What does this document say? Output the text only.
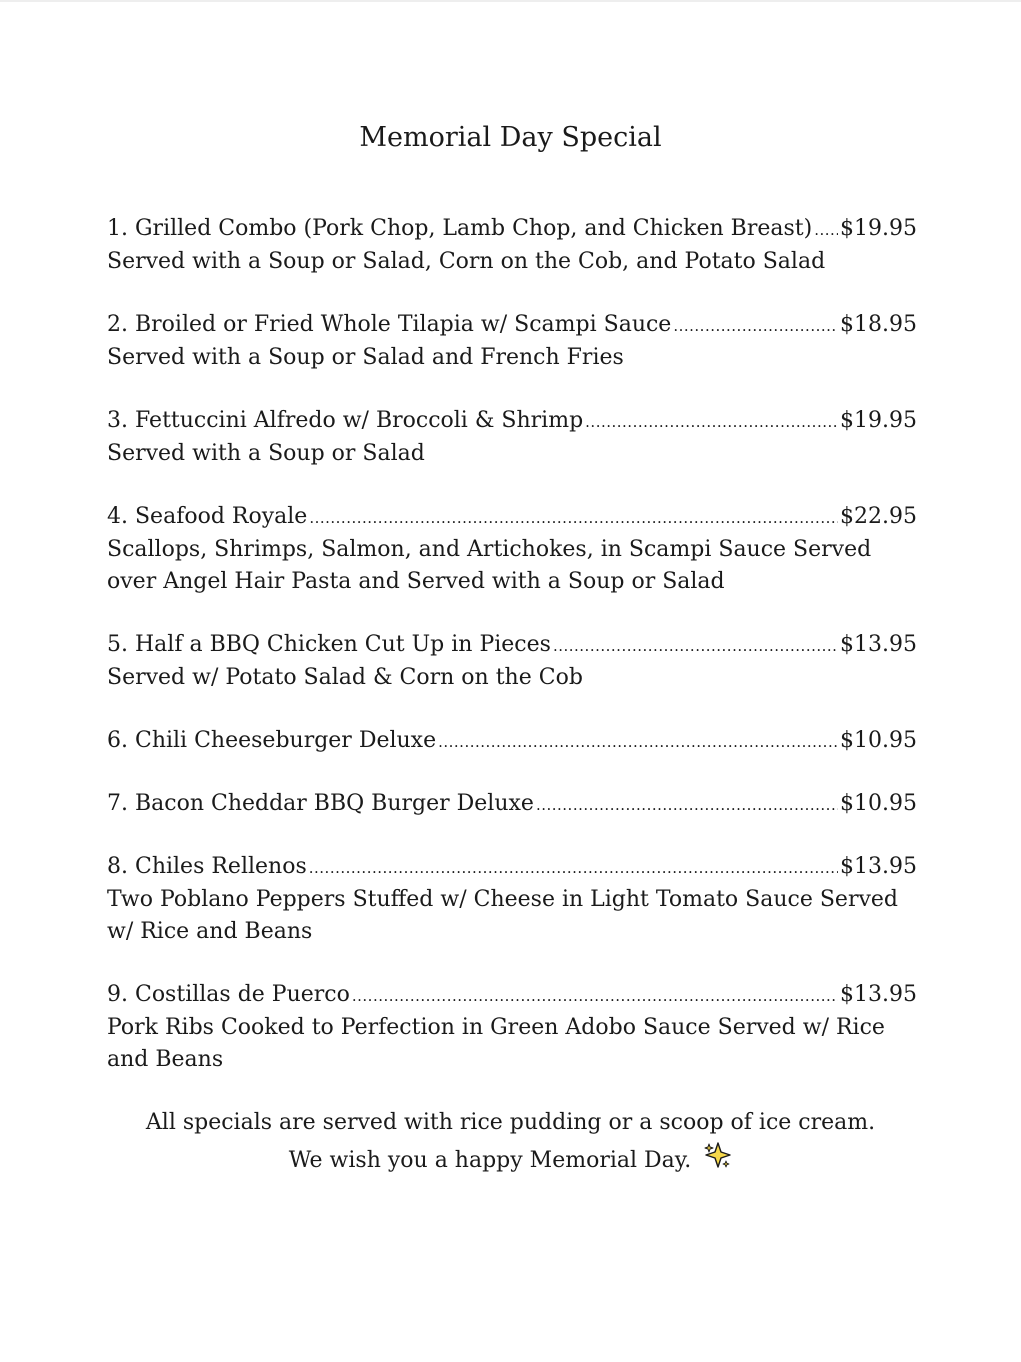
Memorial Day Special
1. Grilled Combo (Pork Chop, Lamb Chop, and Chicken Breast) ..... $19.95
Served with a Soup or Salad, Corn on the Cob, and Potato Salad
2. Broiled or Fried Whole Tilapia w/ Scampi Sauce .....	$18.95
Served with a Soup or Salad and French Fries
3. Fettuccini Alfredo w/ Broccoli & Shrimp .....	$19.95
Served with a Soup or Salad
4. Seafood Royale .....	$22.95
Scallops, Shrimps, Salmon, and Artichokes, in Scampi Sauce Served over Angel Hair Pasta and Served with a Soup or Salad
5. Half a BBQ Chicken Cut Up in Pieces .....	$13.95
Served w/ Potato Salad & Corn on the Cob
6. Chili Cheeseburger Deluxe .....	$10.95
7. Bacon Cheddar BBQ Burger Deluxe .....	$10.95
8. Chiles Rellenos .....	$13.95
Two Poblano Peppers Stuffed w/ Cheese in Light Tomato Sauce Served w/ Rice and Beans
9. Costillas de Puerco .....	$13.95
Pork Ribs Cooked to Perfection in Green Adobo Sauce Served w/ Rice and Beans
All specials are served with rice pudding or a scoop of ice cream.
We wish you a happy Memorial Day.
